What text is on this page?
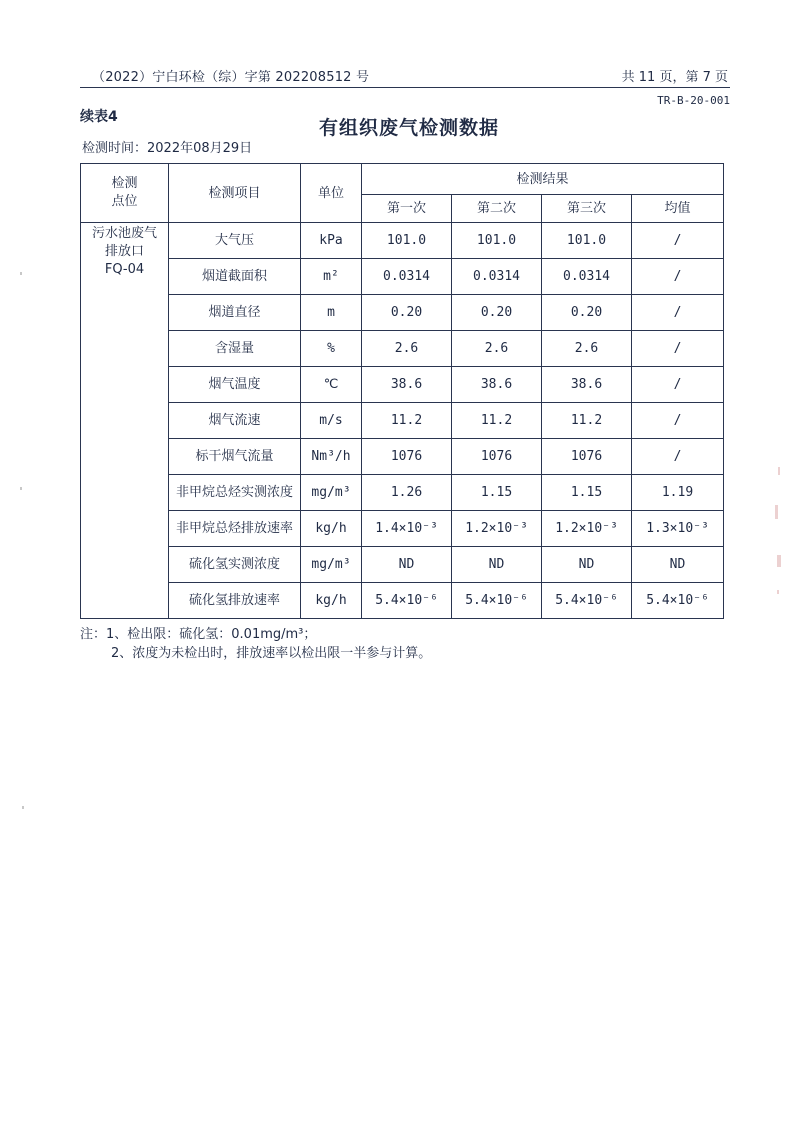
（2022）宁白环检（综）字第 202208512 号	共 11 页，第 7 页
TR-B-20-001
续表4	有组织废气检测数据
检测时间：2022年08月29日
检测
点位	检测项目	单位	检测结果			
			第一次	第二次	第三次	均值

污水池废气
排放口
FQ-04	大气压	kPa	101.0	101.0	101.0	/
	烟道截面积	m²	0.0314	0.0314	0.0314	/
	烟道直径	m	0.20	0.20	0.20	/
	含湿量	%	2.6	2.6	2.6	/
	烟气温度	℃	38.6	38.6	38.6	/
	烟气流速	m/s	11.2	11.2	11.2	/
	标干烟气流量	Nm³/h	1076	1076	1076	/
	非甲烷总烃实测浓度	mg/m³	1.26	1.15	1.15	1.19
	非甲烷总烃排放速率	kg/h	1.4×10⁻³	1.2×10⁻³	1.2×10⁻³	1.3×10⁻³
	硫化氢实测浓度	mg/m³	ND	ND	ND	ND
	硫化氢排放速率	kg/h	5.4×10⁻⁶	5.4×10⁻⁶	5.4×10⁻⁶	5.4×10⁻⁶
注：1、检出限：硫化氢：0.01mg/m³；
2、浓度为未检出时，排放速率以检出限一半参与计算。
